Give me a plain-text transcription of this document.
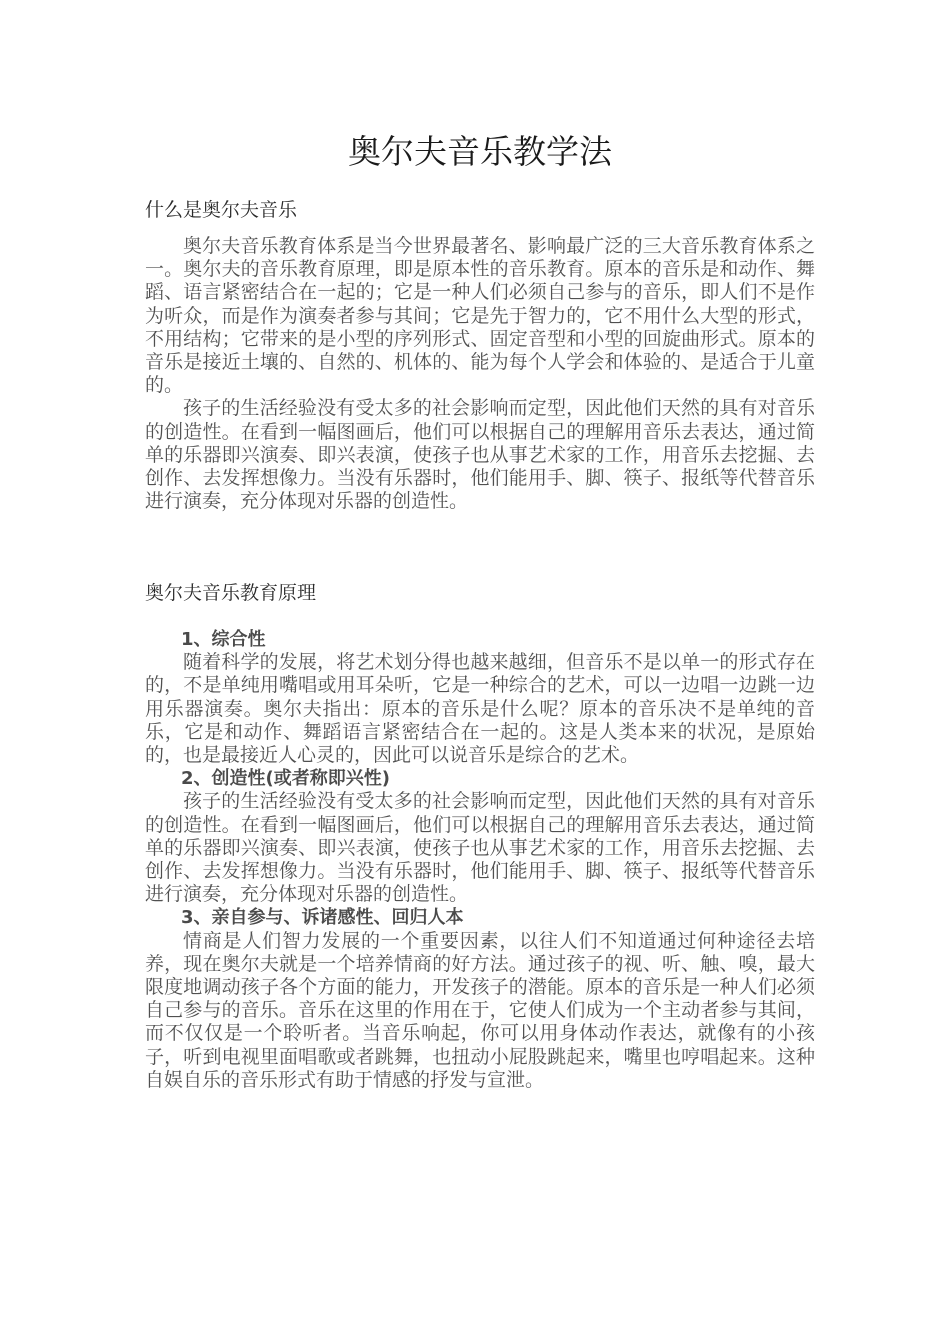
奥尔夫音乐教学法
什么是奥尔夫音乐

奥尔夫音乐教育体系是当今世界最著名、影响最广泛的三大音乐教育体系之一。奥尔夫的音乐教育原理，即是原本性的音乐教育。原本的音乐是和动作、舞蹈、语言紧密结合在一起的；它是一种人们必须自己参与的音乐，即人们不是作为听众，而是作为演奏者参与其间；它是先于智力的，它不用什么大型的形式，不用结构；它带来的是小型的序列形式、固定音型和小型的回旋曲形式。原本的音乐是接近土壤的、自然的、机体的、能为每个人学会和体验的、是适合于儿童的。

孩子的生活经验没有受太多的社会影响而定型，因此他们天然的具有对音乐的创造性。在看到一幅图画后，他们可以根据自己的理解用音乐去表达，通过简单的乐器即兴演奏、即兴表演，使孩子也从事艺术家的工作，用音乐去挖掘、去创作、去发挥想像力。当没有乐器时，他们能用手、脚、筷子、报纸等代替音乐进行演奏，充分体现对乐器的创造性。

奥尔夫音乐教育原理

1、综合性

随着科学的发展，将艺术划分得也越来越细，但音乐不是以单一的形式存在的，不是单纯用嘴唱或用耳朵听，它是一种综合的艺术，可以一边唱一边跳一边用乐器演奏。奥尔夫指出：原本的音乐是什么呢？原本的音乐决不是单纯的音乐，它是和动作、舞蹈语言紧密结合在一起的。这是人类本来的状况，是原始的，也是最接近人心灵的，因此可以说音乐是综合的艺术。

2、创造性(或者称即兴性)

孩子的生活经验没有受太多的社会影响而定型，因此他们天然的具有对音乐的创造性。在看到一幅图画后，他们可以根据自己的理解用音乐去表达，通过简单的乐器即兴演奏、即兴表演，使孩子也从事艺术家的工作，用音乐去挖掘、去创作、去发挥想像力。当没有乐器时，他们能用手、脚、筷子、报纸等代替音乐进行演奏，充分体现对乐器的创造性。

3、亲自参与、诉诸感性、回归人本

情商是人们智力发展的一个重要因素，以往人们不知道通过何种途径去培养，现在奥尔夫就是一个培养情商的好方法。通过孩子的视、听、触、嗅，最大限度地调动孩子各个方面的能力，开发孩子的潜能。原本的音乐是一种人们必须自己参与的音乐。音乐在这里的作用在于，它使人们成为一个主动者参与其间，而不仅仅是一个聆听者。当音乐响起，你可以用身体动作表达，就像有的小孩子，听到电视里面唱歌或者跳舞，也扭动小屁股跳起来，嘴里也哼唱起来。这种自娱自乐的音乐形式有助于情感的抒发与宣泄。
